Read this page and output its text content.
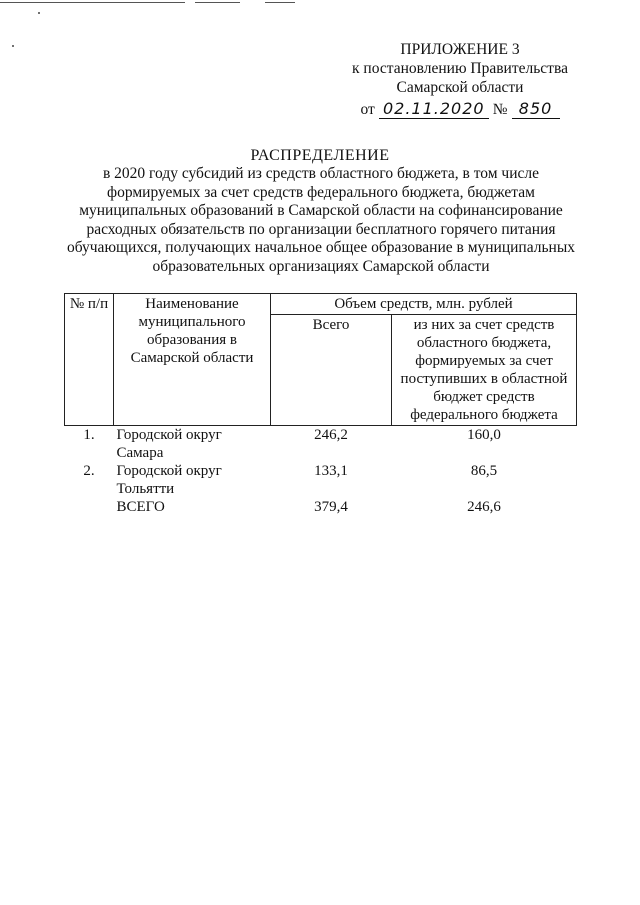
ПРИЛОЖЕНИЕ 3
к постановлению Правительства
Самарской области
от 02.11.2020 № 850
РАСПРЕДЕЛЕНИЕ
в 2020 году субсидий из средств областного бюджета, в том числе формируемых за счет средств федерального бюджета, бюджетам муниципальных образований в Самарской области на софинансирование расходных обязательств по организации бесплатного горячего питания обучающихся, получающих начальное общее образование в муниципальных образовательных организациях Самарской области
№ п/п	Наименование муниципального образования в Самарской области	Объем средств, млн. рублей	
		Всего	из них за счет средств областного бюджета, формируемых за счет поступивших в областной бюджет средств федерального бюджета
1.	Городской округ Самара	246,2	160,0
2.	Городской округ Тольятти	133,1	86,5
	ВСЕГО	379,4	246,6
